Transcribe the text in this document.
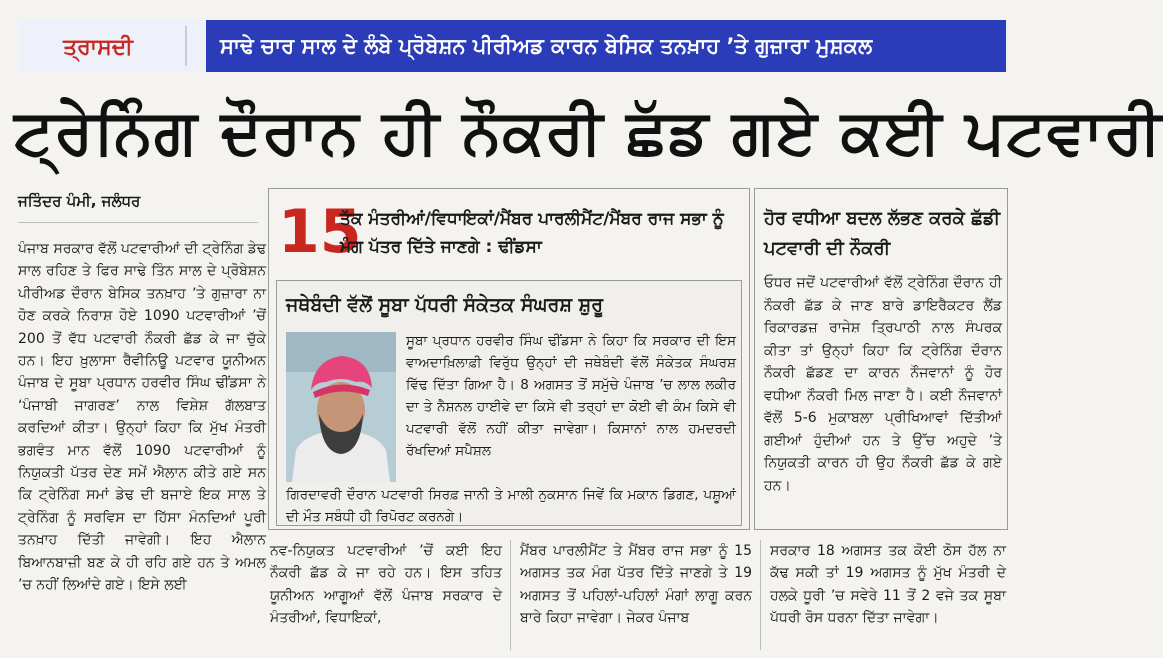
ਤ੍ਰਾਸਦੀ	ਸਾਢੇ ਚਾਰ ਸਾਲ ਦੇ ਲੰਬੇ ਪ੍ਰੋਬੇਸ਼ਨ ਪੀਰੀਅਡ ਕਾਰਨ ਬੇਸਿਕ ਤਨਖ਼ਾਹ ’ਤੇ ਗੁਜ਼ਾਰਾ ਮੁਸ਼ਕਲ
ਟ੍ਰੇਨਿੰਗ ਦੌਰਾਨ ਹੀ ਨੌਕਰੀ ਛੱਡ ਗਏ ਕਈ ਪਟਵਾਰੀ
ਜਤਿੰਦਰ ਪੰਮੀ, ਜਲੰਧਰ
ਪੰਜਾਬ ਸਰਕਾਰ ਵੱਲੋਂ ਪਟਵਾਰੀਆਂ ਦੀ ਟ੍ਰੇਨਿੰਗ ਡੇਢ ਸਾਲ ਰਹਿਣ ਤੇ ਫਿਰ ਸਾਢੇ ਤਿੰਨ ਸਾਲ ਦੇ ਪ੍ਰੋਬੇਸ਼ਨ ਪੀਰੀਅਡ ਦੌਰਾਨ ਬੇਸਿਕ ਤਨਖ਼ਾਹ ’ਤੇ ਗੁਜ਼ਾਰਾ ਨਾ ਹੋਣ ਕਰਕੇ ਨਿਰਾਸ਼ ਹੋਏ 1090 ਪਟਵਾਰੀਆਂ ’ਚੋਂ 200 ਤੋਂ ਵੱਧ ਪਟਵਾਰੀ ਨੌਕਰੀ ਛੱਡ ਕੇ ਜਾ ਚੁੱਕੇ ਹਨ। ਇਹ ਖ਼ੁਲਾਸਾ ਰੈਵੀਨਿਊ ਪਟਵਾਰ ਯੂਨੀਅਨ ਪੰਜਾਬ ਦੇ ਸੂਬਾ ਪ੍ਰਧਾਨ ਹਰਵੀਰ ਸਿੰਘ ਢੀਂਡਸਾ ਨੇ ‘ਪੰਜਾਬੀ ਜਾਗਰਣ’ ਨਾਲ ਵਿਸ਼ੇਸ਼ ਗੱਲਬਾਤ ਕਰਦਿਆਂ ਕੀਤਾ। ਉਨ੍ਹਾਂ ਕਿਹਾ ਕਿ ਮੁੱਖ ਮੰਤਰੀ ਭਗਵੰਤ ਮਾਨ ਵੱਲੋਂ 1090 ਪਟਵਾਰੀਆਂ ਨੂੰ ਨਿਯੁਕਤੀ ਪੱਤਰ ਦੇਣ ਸਮੇਂ ਐਲਾਨ ਕੀਤੇ ਗਏ ਸਨ ਕਿ ਟ੍ਰੇਨਿੰਗ ਸਮਾਂ ਡੇਢ ਦੀ ਬਜਾਏ ਇਕ ਸਾਲ ਤੇ ਟ੍ਰੇਨਿੰਗ ਨੂੰ ਸਰਵਿਸ ਦਾ ਹਿੱਸਾ ਮੰਨਦਿਆਂ ਪੂਰੀ ਤਨਖ਼ਾਹ ਦਿੱਤੀ ਜਾਵੇਗੀ। ਇਹ ਐਲਾਨ ਬਿਆਨਬਾਜ਼ੀ ਬਣ ਕੇ ਹੀ ਰਹਿ ਗਏ ਹਨ ਤੇ ਅਮਲ ’ਚ ਨਹੀਂ ਲਿਆਂਦੇ ਗਏ। ਇਸੇ ਲਈ
15
ਤੱਕ ਮੰਤਰੀਆਂ/ਵਿਧਾਇਕਾਂ/ਮੈਂਬਰ ਪਾਰਲੀਮੈਂਟ/ਮੈਂਬਰ ਰਾਜ ਸਭਾ ਨੂੰ ਮੰਗ ਪੱਤਰ ਦਿੱਤੇ ਜਾਣਗੇ : ਢੀਂਡਸਾ
ਜਥੇਬੰਦੀ ਵੱਲੋਂ ਸੂਬਾ ਪੱਧਰੀ ਸੰਕੇਤਕ ਸੰਘਰਸ਼ ਸ਼ੁਰੂ
ਸੂਬਾ ਪ੍ਰਧਾਨ ਹਰਵੀਰ ਸਿੰਘ ਢੀਂਡਸਾ ਨੇ ਕਿਹਾ ਕਿ ਸਰਕਾਰ ਦੀ ਇਸ ਵਾਅਦਾਖ਼ਿਲਾਫ਼ੀ ਵਿਰੁੱਧ ਉਨ੍ਹਾਂ ਦੀ ਜਥੇਬੰਦੀ ਵੱਲੋਂ ਸੰਕੇਤਕ ਸੰਘਰਸ਼ ਵਿੱਢ ਦਿੱਤਾ ਗਿਆ ਹੈ। 8 ਅਗਸਤ ਤੋਂ ਸਮੁੱਚੇ ਪੰਜਾਬ ’ਚ ਲਾਲ ਲਕੀਰ ਦਾ ਤੇ ਨੈਸ਼ਨਲ ਹਾਈਵੇ ਦਾ ਕਿਸੇ ਵੀ ਤਰ੍ਹਾਂ ਦਾ ਕੋਈ ਵੀ ਕੰਮ ਕਿਸੇ ਵੀ ਪਟਵਾਰੀ ਵੱਲੋਂ ਨਹੀਂ ਕੀਤਾ ਜਾਵੇਗਾ। ਕਿਸਾਨਾਂ ਨਾਲ ਹਮਦਰਦੀ ਰੱਖਦਿਆਂ ਸਪੈਸ਼ਲ
ਗਿਰਦਾਵਰੀ ਦੌਰਾਨ ਪਟਵਾਰੀ ਸਿਰਫ਼ ਜਾਨੀ ਤੇ ਮਾਲੀ ਨੁਕਸਾਨ ਜਿਵੇਂ ਕਿ ਮਕਾਨ ਡਿਗਣ, ਪਸ਼ੂਆਂ ਦੀ ਮੌਤ ਸਬੰਧੀ ਹੀ ਰਿਪੋਰਟ ਕਰਨਗੇ।
ਹੋਰ ਵਧੀਆ ਬਦਲ ਲੱਭਣ ਕਰਕੇ ਛੱਡੀ ਪਟਵਾਰੀ ਦੀ ਨੌਕਰੀ
ਓਧਰ ਜਦੋਂ ਪਟਵਾਰੀਆਂ ਵੱਲੋਂ ਟ੍ਰੇਨਿੰਗ ਦੌਰਾਨ ਹੀ ਨੌਕਰੀ ਛੱਡ ਕੇ ਜਾਣ ਬਾਰੇ ਡਾਇਰੈਕਟਰ ਲੈਂਡ ਰਿਕਾਰਡਜ਼ ਰਾਜੇਸ਼ ਤ੍ਰਿਪਾਠੀ ਨਾਲ ਸੰਪਰਕ ਕੀਤਾ ਤਾਂ ਉਨ੍ਹਾਂ ਕਿਹਾ ਕਿ ਟ੍ਰੇਨਿੰਗ ਦੌਰਾਨ ਨੌਕਰੀ ਛੱਡਣ ਦਾ ਕਾਰਨ ਨੌਜਵਾਨਾਂ ਨੂੰ ਹੋਰ ਵਧੀਆ ਨੌਕਰੀ ਮਿਲ ਜਾਣਾ ਹੈ। ਕਈ ਨੌਜਵਾਨਾਂ ਵੱਲੋਂ 5-6 ਮੁਕਾਬਲਾ ਪ੍ਰੀਖਿਆਵਾਂ ਦਿੱਤੀਆਂ ਗਈਆਂ ਹੁੰਦੀਆਂ ਹਨ ਤੇ ਉੱਚ ਅਹੁਦੇ ’ਤੇ ਨਿਯੁਕਤੀ ਕਾਰਨ ਹੀ ਉਹ ਨੌਕਰੀ ਛੱਡ ਕੇ ਗਏ ਹਨ।
ਨਵ-ਨਿਯੁਕਤ ਪਟਵਾਰੀਆਂ ’ਚੋਂ ਕਈ ਇਹ ਨੌਕਰੀ ਛੱਡ ਕੇ ਜਾ ਰਹੇ ਹਨ। ਇਸ ਤਹਿਤ ਯੂਨੀਅਨ ਆਗੂਆਂ ਵੱਲੋਂ ਪੰਜਾਬ ਸਰਕਾਰ ਦੇ ਮੰਤਰੀਆਂ, ਵਿਧਾਇਕਾਂ,
ਮੈਂਬਰ ਪਾਰਲੀਮੈਂਟ ਤੇ ਮੈਂਬਰ ਰਾਜ ਸਭਾ ਨੂੰ 15 ਅਗਸਤ ਤਕ ਮੰਗ ਪੱਤਰ ਦਿੱਤੇ ਜਾਣਗੇ ਤੇ 19 ਅਗਸਤ ਤੋਂ ਪਹਿਲਾਂ-ਪਹਿਲਾਂ ਮੰਗਾਂ ਲਾਗੂ ਕਰਨ ਬਾਰੇ ਕਿਹਾ ਜਾਵੇਗਾ। ਜੇਕਰ ਪੰਜਾਬ
ਸਰਕਾਰ 18 ਅਗਸਤ ਤਕ ਕੋਈ ਠੋਸ ਹੱਲ ਨਾ ਕੱਢ ਸਕੀ ਤਾਂ 19 ਅਗਸਤ ਨੂੰ ਮੁੱਖ ਮੰਤਰੀ ਦੇ ਹਲਕੇ ਧੂਰੀ ’ਚ ਸਵੇਰੇ 11 ਤੋਂ 2 ਵਜੇ ਤਕ ਸੂਬਾ ਪੱਧਰੀ ਰੋਸ ਧਰਨਾ ਦਿੱਤਾ ਜਾਵੇਗਾ।
